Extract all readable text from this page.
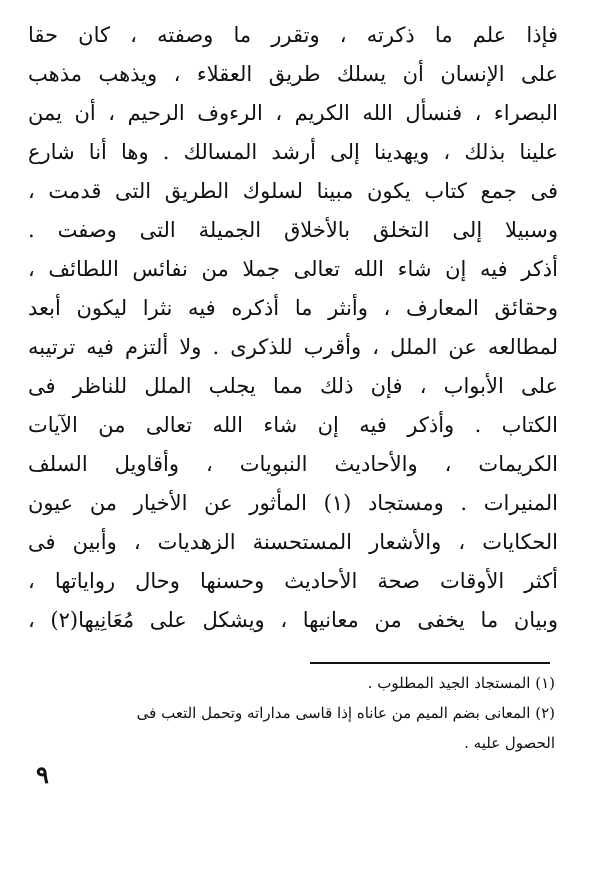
فإذا علم ما ذكرته ، وتقرر ما وصفته ، كان حقا
على الإنسان أن يسلك طريق العقلاء ، ويذهب مذهب
البصراء ، فنسأل الله الكريم ، الرءوف الرحيم ، أن يمن
علينا بذلك ، ويهدينا إلى أرشد المسالك . وها أنا شارع
فى جمع كتاب يكون مبينا لسلوك الطريق التى قدمت ،
وسبيلا إلى التخلق بالأخلاق الجميلة التى وصفت .
أذكر فيه إن شاء الله تعالى جملا من نفائس اللطائف ،
وحقائق المعارف ، وأنثر ما أذكره فيه نثرا ليكون أبعد
لمطالعه عن الملل ، وأقرب للذكرى . ولا ألتزم فيه ترتيبه
على الأبواب ، فإن ذلك مما يجلب الملل للناظر فى
الكتاب . وأذكر فيه إن شاء الله تعالى من الآيات
الكريمات ، والأحاديث النبويات ، وأقاويل السلف
المنيرات . ومستجاد (١) المأثور عن الأخيار من عيون
الحكايات ، والأشعار المستحسنة الزهديات ، وأبين فى
أكثر الأوقات صحة الأحاديث وحسنها وحال رواياتها ،
وبيان ما يخفى من معانيها ، ويشكل على مُعَانِيها(٢) ،
(١) المستجاد الجيد المطلوب .
(٢) المعانى بضم الميم من عاناه إذا قاسى مداراته وتحمل التعب فى
الحصول عليه .
٩
